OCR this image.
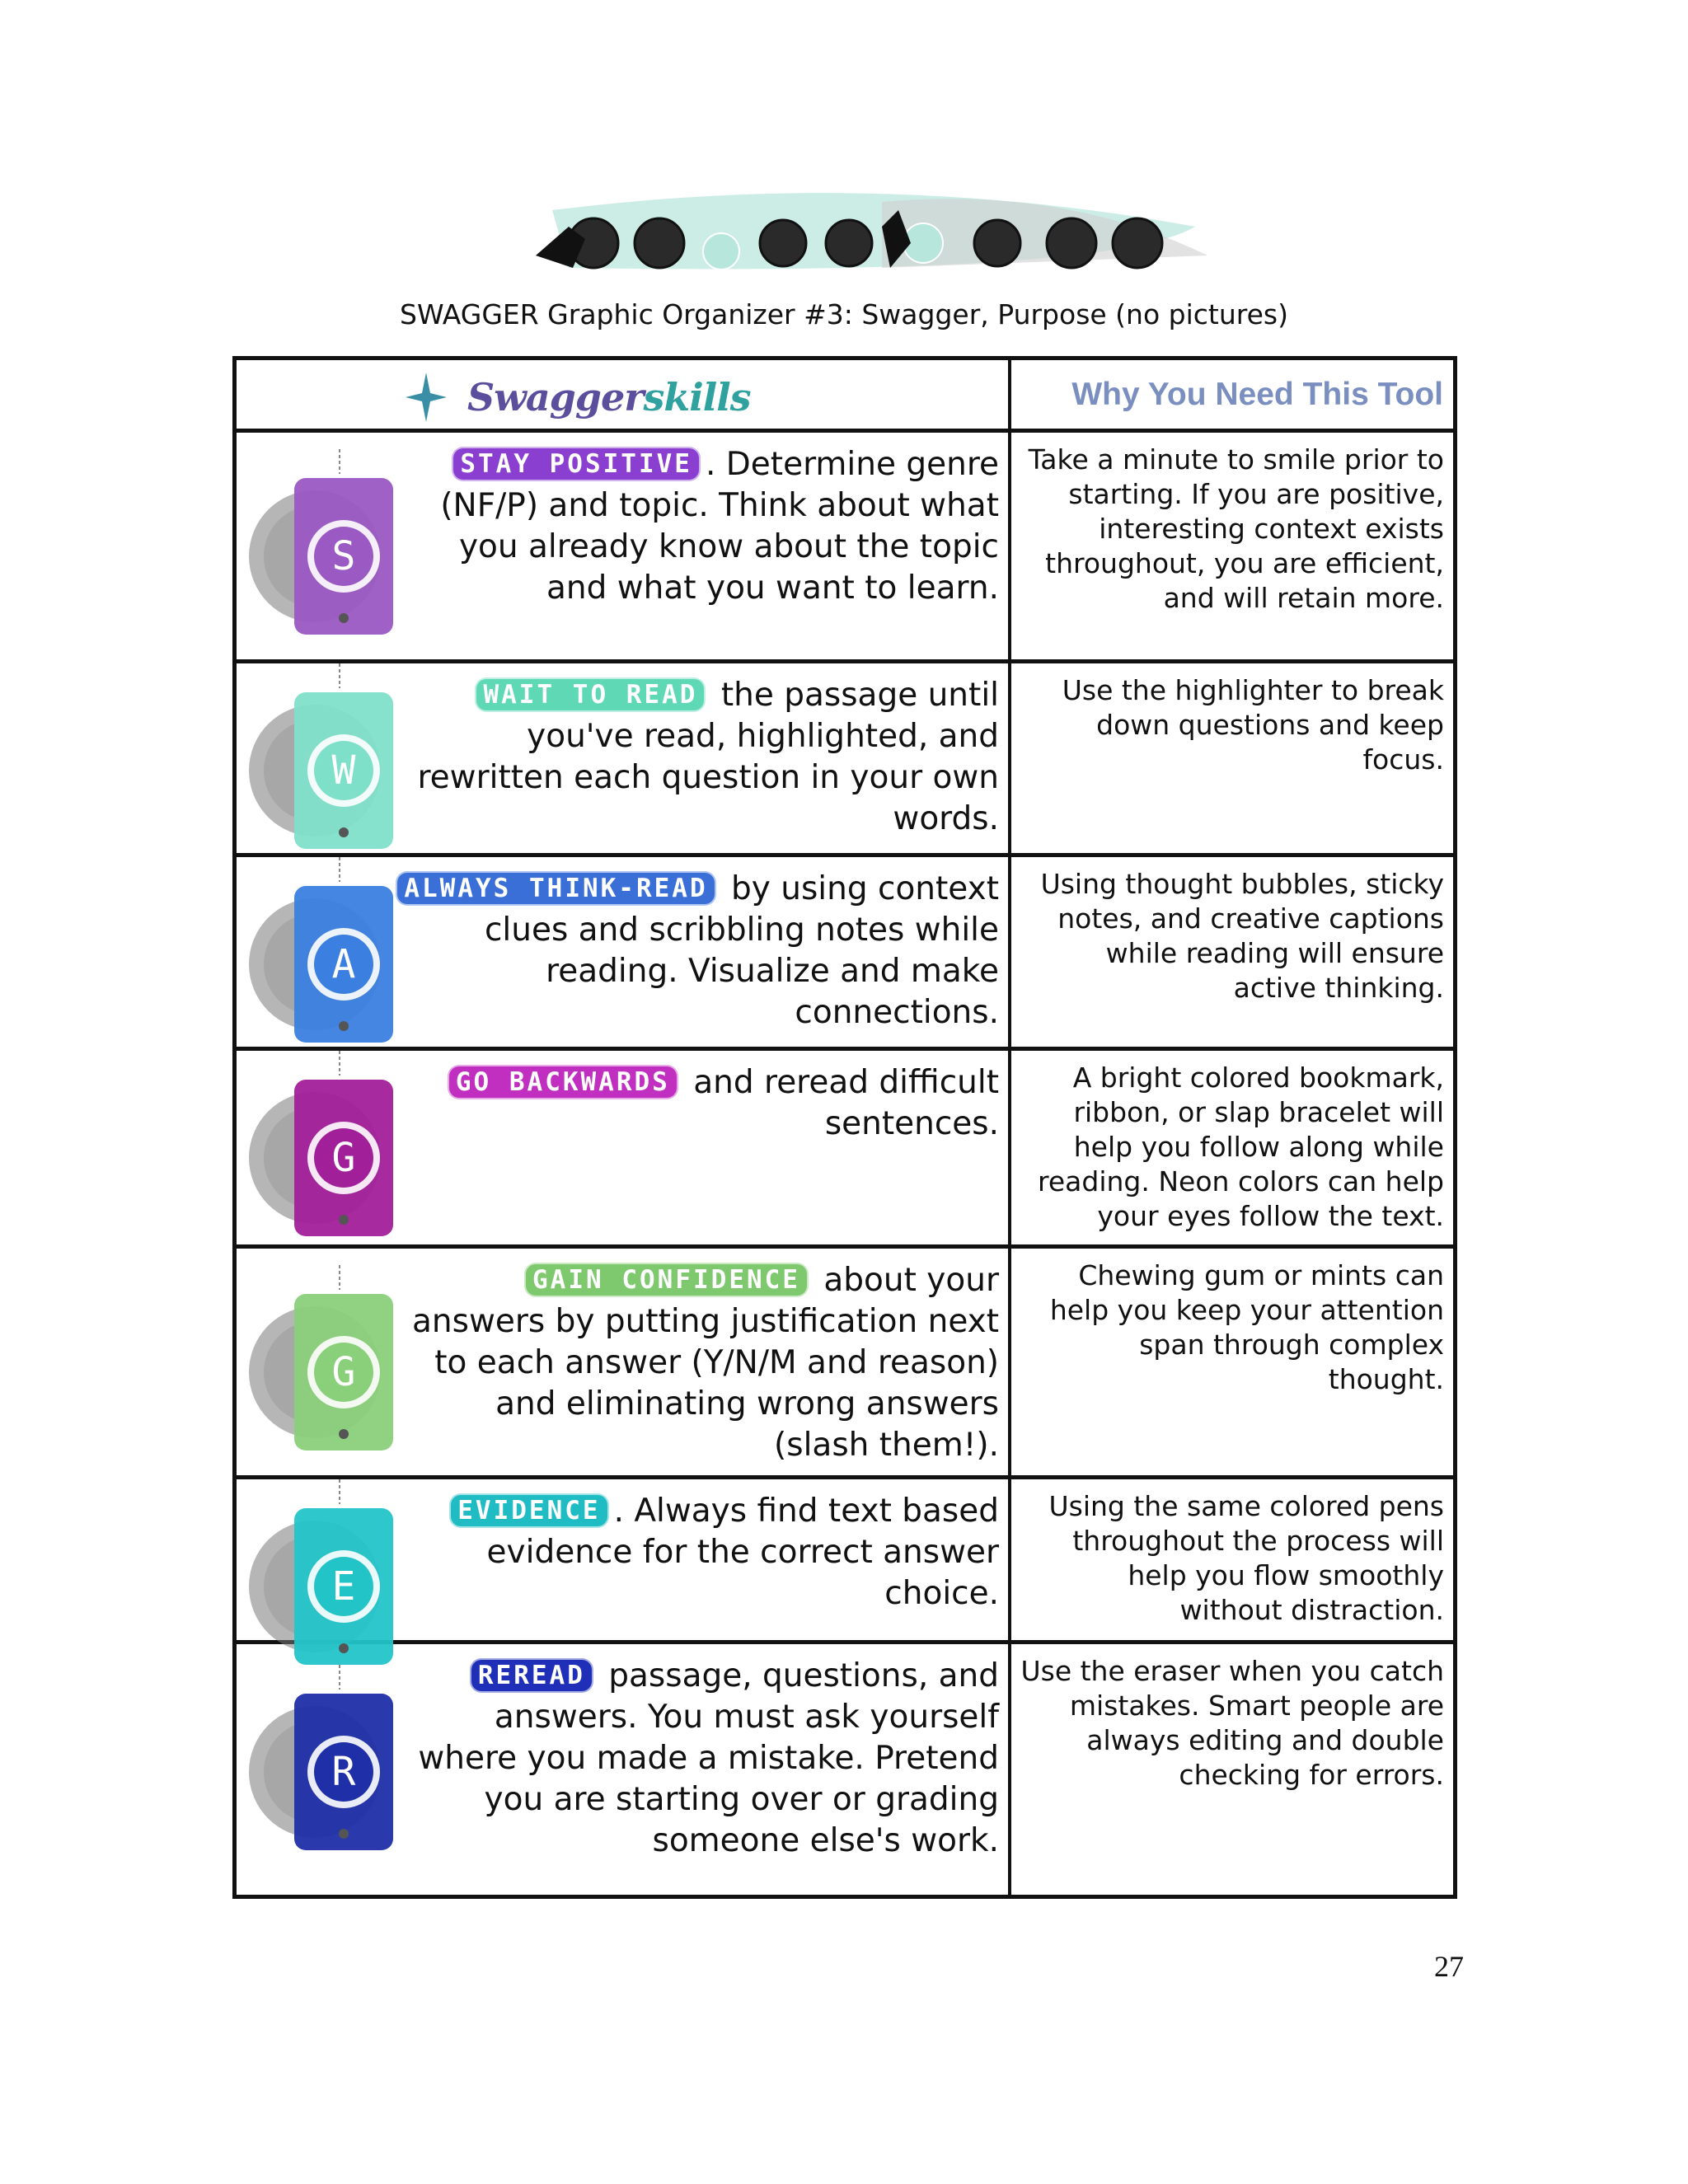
SWAGGER Graphic Organizer #3: Swagger, Purpose (no pictures)
Swaggerskills	Why You Need This Tool
S
STAY POSITIVE . Determine genre (NF/P) and topic. Think about what you already know about the topic and what you want to learn.
Take a minute to smile prior to starting. If you are positive, interesting context exists throughout, you are efficient, and will retain more.
W
WAIT TO READ the passage until you've read, highlighted, and rewritten each question in your own words.
Use the highlighter to break down questions and keep focus.
A
ALWAYS THINK-READ by using context clues and scribbling notes while reading. Visualize and make connections.
Using thought bubbles, sticky notes, and creative captions while reading will ensure active thinking.
G
GO BACKWARDS and reread difficult sentences.
A bright colored bookmark, ribbon, or slap bracelet will help you follow along while reading. Neon colors can help your eyes follow the text.
G
GAIN CONFIDENCE about your answers by putting justification next to each answer (Y/N/M and reason) and eliminating wrong answers (slash them!).
Chewing gum or mints can help you keep your attention span through complex thought.
E
EVIDENCE . Always find text based evidence for the correct answer choice.
Using the same colored pens throughout the process will help you flow smoothly without distraction.
R
REREAD passage, questions, and answers. You must ask yourself where you made a mistake. Pretend you are starting over or grading someone else's work.
Use the eraser when you catch mistakes. Smart people are always editing and double checking for errors.
27
